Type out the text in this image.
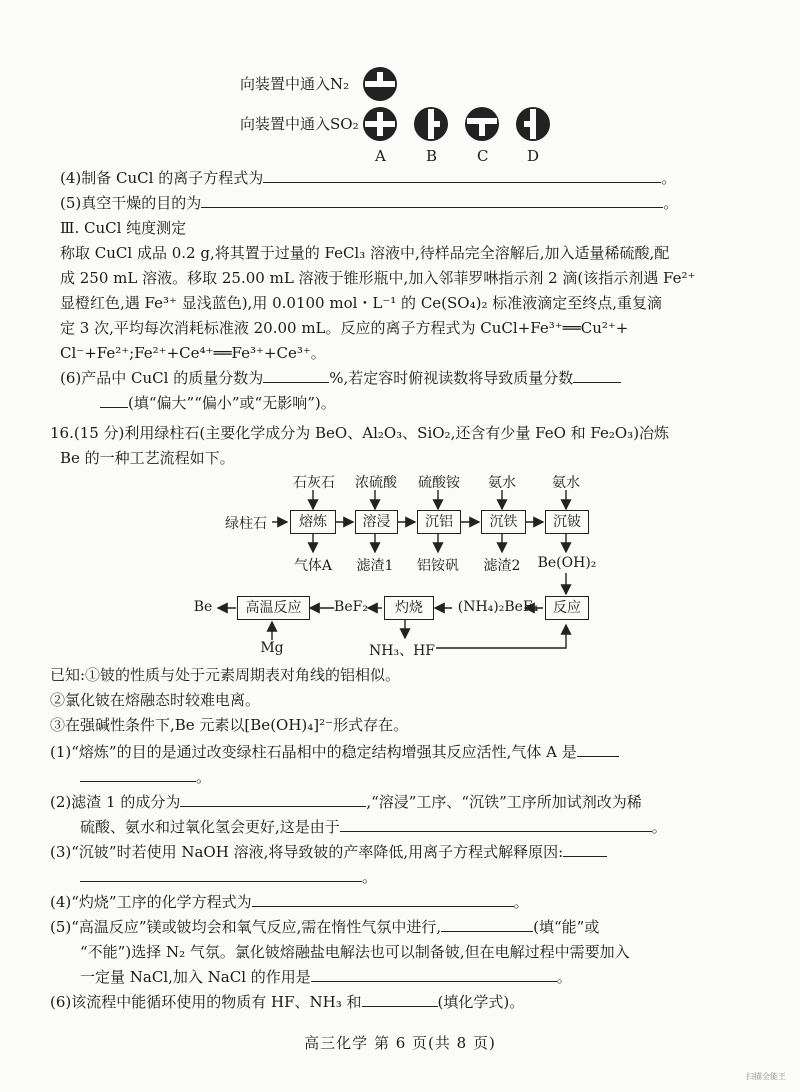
向装置中通入N₂
向装置中通入SO₂
A	B	C	D
(4)制备 CuCl 的离子方程式为	。
(5)真空干燥的目的为	。
Ⅲ. CuCl 纯度测定
称取 CuCl 成品 0.2 g,将其置于过量的 FeCl₃ 溶液中,待样品完全溶解后,加入适量稀硫酸,配
成 250 mL 溶液。移取 25.00 mL 溶液于锥形瓶中,加入邻菲罗啉指示剂 2 滴(该指示剂遇 Fe²⁺
显橙红色,遇 Fe³⁺ 显浅蓝色),用 0.0100 mol・L⁻¹ 的 Ce(SO₄)₂ 标准液滴定至终点,重复滴
定 3 次,平均每次消耗标准液 20.00 mL。反应的离子方程式为 CuCl+Fe³⁺══Cu²⁺+
Cl⁻+Fe²⁺;Fe²⁺+Ce⁴⁺══Fe³⁺+Ce³⁺。
(6)产品中 CuCl 的质量分数为	%,若定容时俯视读数将导致质量分数
(填“偏大”“偏小”或“无影响”)。
16.(15 分)利用绿柱石(主要化学成分为 BeO、Al₂O₃、SiO₂,还含有少量 FeO 和 Fe₂O₃)冶炼
Be 的一种工艺流程如下。
石灰石 浓硫酸 硫酸铵	氨水	氨水
绿柱石	熔炼	溶浸	沉铝	沉铁	沉铍
气体A	滤渣1	铝铵矾	滤渣2	Be(OH)₂
反应
(NH₄)₂BeF₄
灼烧
BeF₂
高温反应
Be
Mg	NH₃、HF
已知:①铍的性质与处于元素周期表对角线的铝相似。
②氯化铍在熔融态时较难电离。
③在强碱性条件下,Be 元素以[Be(OH)₄]²⁻形式存在。
(1)“熔炼”的目的是通过改变绿柱石晶相中的稳定结构增强其反应活性,气体 A 是
。
(2)滤渣 1 的成分为	,“溶浸”工序、“沉铁”工序所加试剂改为稀
硫酸、氨水和过氧化氢会更好,这是由于	。
(3)“沉铍”时若使用 NaOH 溶液,将导致铍的产率降低,用离子方程式解释原因:
。
(4)“灼烧”工序的化学方程式为	。
(5)“高温反应”镁或铍均会和氧气反应,需在惰性气氛中进行,	(填“能”或
“不能”)选择 N₂ 气氛。氯化铍熔融盐电解法也可以制备铍,但在电解过程中需要加入
一定量 NaCl,加入 NaCl 的作用是	。
(6)该流程中能循环使用的物质有 HF、NH₃ 和	(填化学式)。
高三化学 第 6 页(共 8 页)
扫描全能王
